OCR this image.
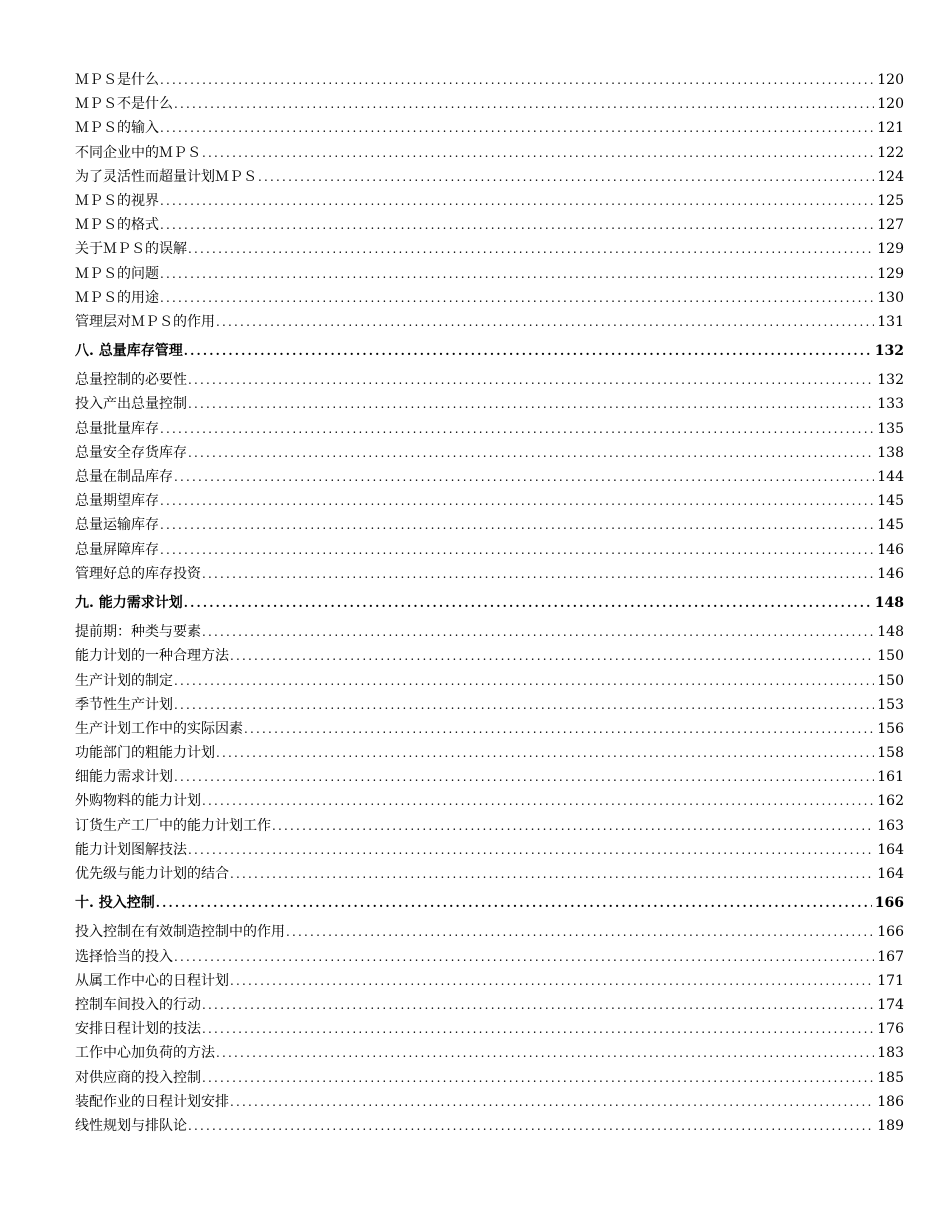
ＭＰＳ是什么 .....	120
ＭＰＳ不是什么 .....	120
ＭＰＳ的输入 .....	121
不同企业中的ＭＰＳ .....	122
为了灵活性而超量计划ＭＰＳ .....	124
ＭＰＳ的视界 .....	125
ＭＰＳ的格式 .....	127
关于ＭＰＳ的误解 .....	129
ＭＰＳ的问题 .....	129
ＭＰＳ的用途 .....	130
管理层对ＭＰＳ的作用 .....	131
八. 总量库存管理 .....	132
总量控制的必要性 .....	132
投入产出总量控制 .....	133
总量批量库存 .....	135
总量安全存货库存 .....	138
总量在制品库存 .....	144
总量期望库存 .....	145
总量运输库存 .....	145
总量屏障库存 .....	146
管理好总的库存投资 .....	146
九. 能力需求计划 .....	148
提前期：种类与要素 .....	148
能力计划的一种合理方法 .....	150
生产计划的制定 .....	150
季节性生产计划 .....	153
生产计划工作中的实际因素 .....	156
功能部门的粗能力计划 .....	158
细能力需求计划 .....	161
外购物料的能力计划 .....	162
订货生产工厂中的能力计划工作 .....	163
能力计划图解技法 .....	164
优先级与能力计划的结合 .....	164
十. 投入控制 .....	166
投入控制在有效制造控制中的作用 .....	166
选择恰当的投入 .....	167
从属工作中心的日程计划 .....	171
控制车间投入的行动 .....	174
安排日程计划的技法 .....	176
工作中心加负荷的方法 .....	183
对供应商的投入控制 .....	185
装配作业的日程计划安排 .....	186
线性规划与排队论 .....	189
